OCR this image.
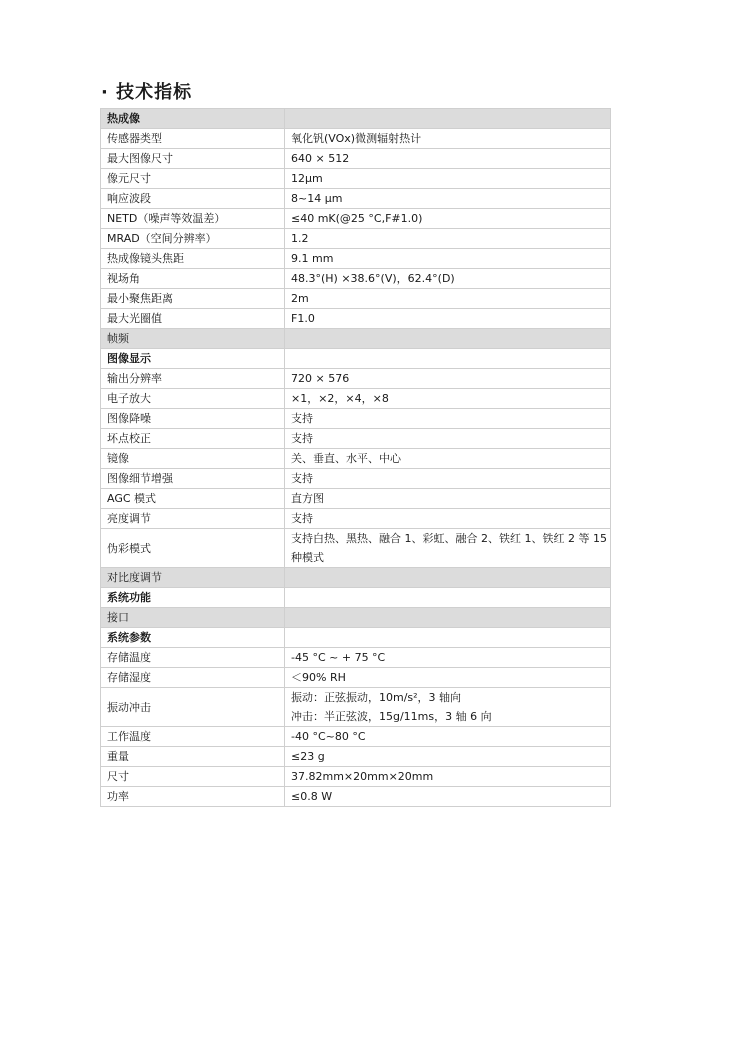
· 技术指标
热成像	
传感器类型	氧化钒(VOx)微测辐射热计
最大图像尺寸	640 × 512
像元尺寸	12μm
响应波段	8~14 μm
NETD（噪声等效温差）	≤40 mK(@25 °C,F#1.0)
MRAD（空间分辨率）	1.2
热成像镜头焦距	9.1 mm
视场角	48.3°(H) ×38.6°(V)，62.4°(D)
最小聚焦距离	2m
最大光圈值	F1.0
帧频	
图像显示	
输出分辨率	720 × 576
电子放大	×1，×2，×4，×8
图像降噪	支持
坏点校正	支持
镜像	关、垂直、水平、中心
图像细节增强	支持
AGC 模式	直方图
亮度调节	支持
伪彩模式	支持白热、黑热、融合 1、彩虹、融合 2、铁红 1、铁红 2 等 15
种模式

对比度调节	
系统功能	
接口	
系统参数	
存储温度	-45 °C ~ + 75 °C
存储湿度	＜90% RH
振动冲击	振动：正弦振动，10m/s²，3 轴向
冲击：半正弦波，15g/11ms，3 轴 6 向

工作温度	-40 °C~80 °C
重量	≤23 g
尺寸	37.82mm×20mm×20mm
功率	≤0.8 W
